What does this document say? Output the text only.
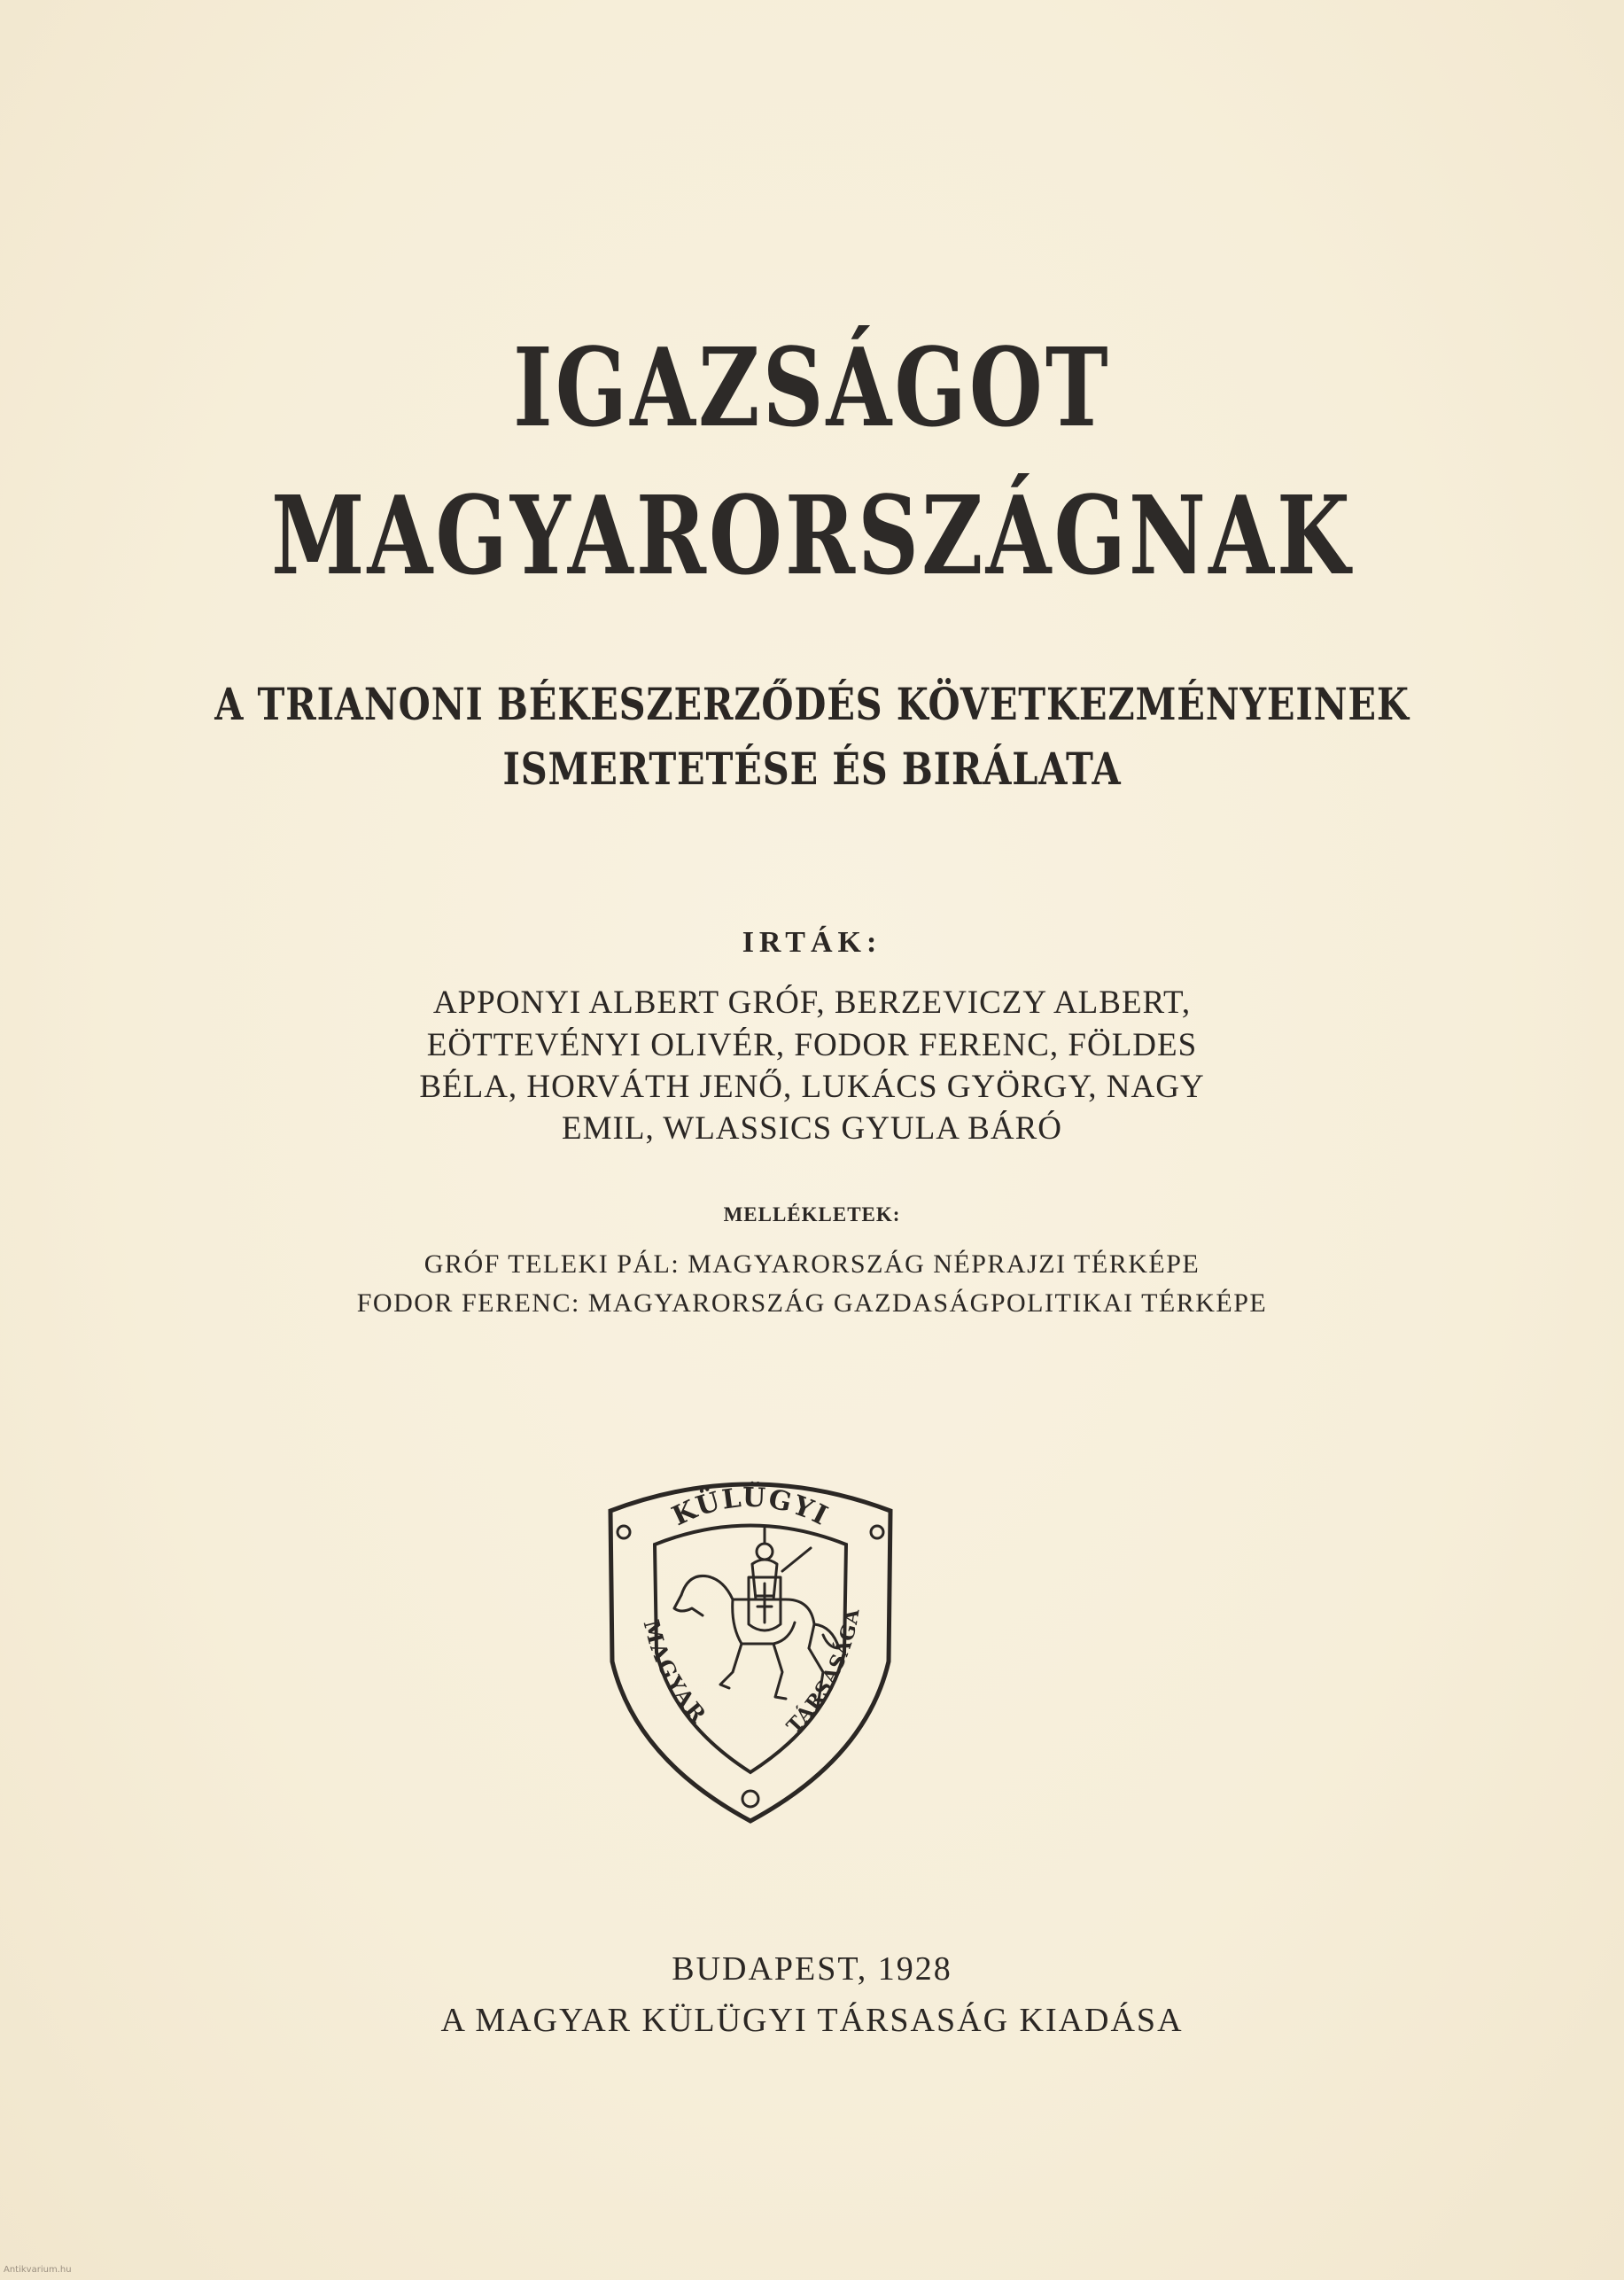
IGAZSÁGOT
MAGYARORSZÁGNAK
A TRIANONI BÉKESZERZŐDÉS KÖVETKEZMÉNYEINEK
ISMERTETÉSE ÉS BIRÁLATA
IRTÁK:
APPONYI ALBERT GRÓF, BERZEVICZY ALBERT,
EÖTTEVÉNYI OLIVÉR, FODOR FERENC, FÖLDES
BÉLA, HORVÁTH JENŐ, LUKÁCS GYÖRGY, NAGY
EMIL, WLASSICS GYULA BÁRÓ
MELLÉKLETEK:
GRÓF TELEKI PÁL: MAGYARORSZÁG NÉPRAJZI TÉRKÉPE
FODOR FERENC: MAGYARORSZÁG GAZDASÁGPOLITIKAI TÉRKÉPE
KÜLÜGYI
MAGYAR	TÁRSASÁGA
BUDAPEST, 1928
A MAGYAR KÜLÜGYI TÁRSASÁG KIADÁSA
Antikvarium.hu
